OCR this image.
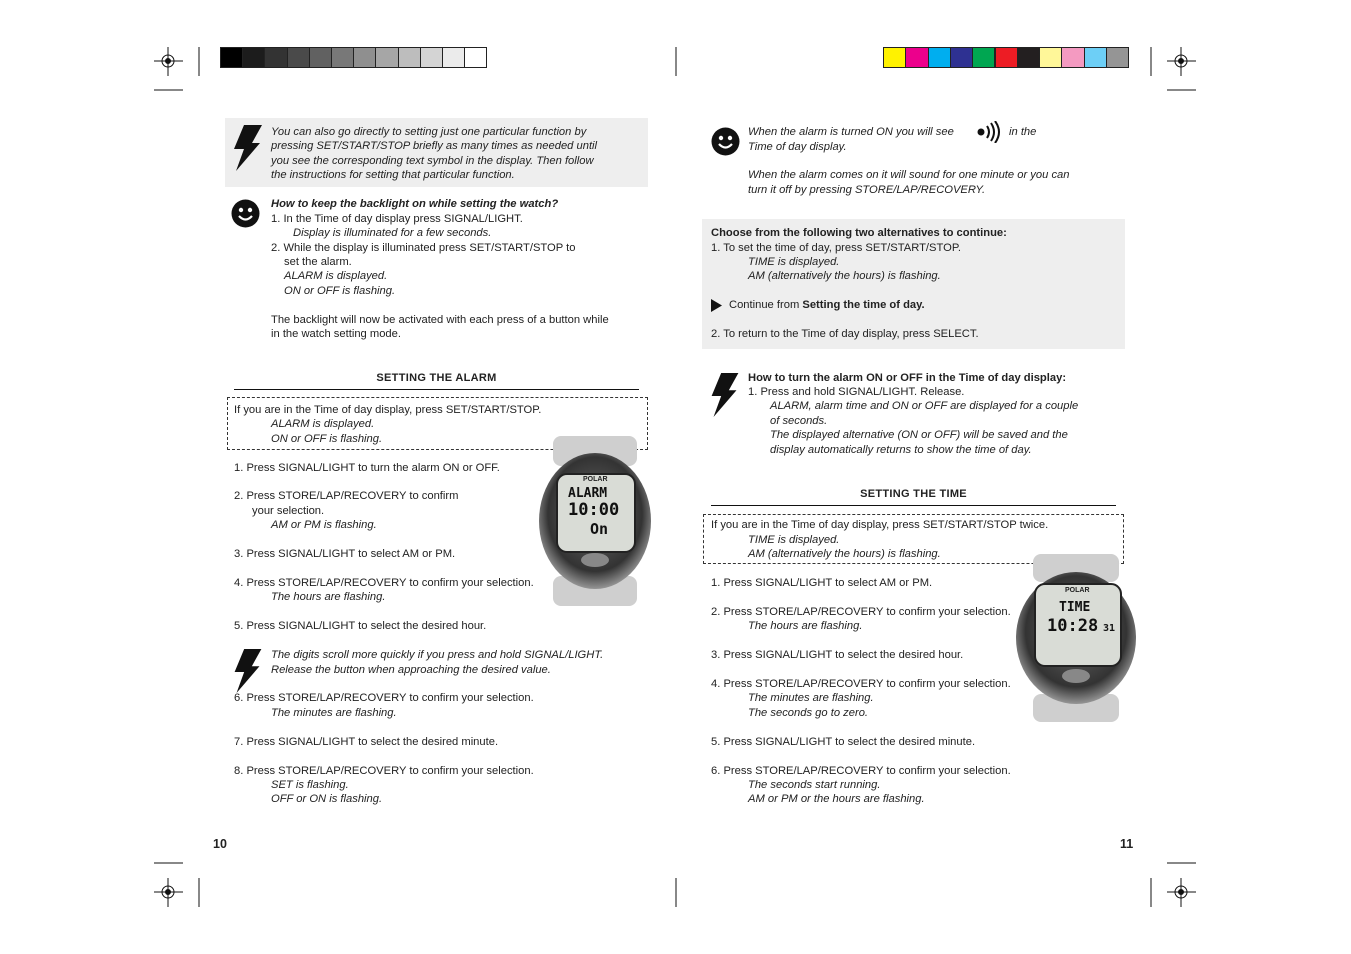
You can also go directly to setting just one particular function by
pressing SET/START/STOP briefly as many times as needed until
you see the corresponding text symbol in the display. Then follow
the instructions for setting that particular function.
How to keep the backlight on while setting the watch?
1. In the Time of day display press SIGNAL/LIGHT.
Display is illuminated for a few seconds.
2. While the display is illuminated press SET/START/STOP to
set the alarm.
ALARM is displayed.
ON or OFF is flashing.
The backlight will now be activated with each press of a button while
in the watch setting mode.
SETTING THE ALARM
If you are in the Time of day display, press SET/START/STOP.
ALARM is displayed.
ON or OFF is flashing.
POLAR
ALARM
10:00
On
1. Press SIGNAL/LIGHT to turn the alarm ON or OFF.
2. Press STORE/LAP/RECOVERY to confirm
your selection.
AM or PM is flashing.
3. Press SIGNAL/LIGHT to select AM or PM.
4. Press STORE/LAP/RECOVERY to confirm your selection.
The hours are flashing.
5. Press SIGNAL/LIGHT to select the desired hour.
The digits scroll more quickly if you press and hold SIGNAL/LIGHT.
Release the button when approaching the desired value.
6. Press STORE/LAP/RECOVERY to confirm your selection.
The minutes are flashing.
7. Press SIGNAL/LIGHT to select the desired minute.
8. Press STORE/LAP/RECOVERY to confirm your selection.
SET is flashing.
OFF or ON is flashing.
10
When the alarm is turned ON you will see	in the
Time of day display.
When the alarm comes on it will sound for one minute or you can
turn it off by pressing STORE/LAP/RECOVERY.
Choose from the following two alternatives to continue:
1. To set the time of day, press SET/START/STOP.
TIME is displayed.
AM (alternatively the hours) is flashing.
Continue from Setting the time of day.
2. To return to the Time of day display, press SELECT.
How to turn the alarm ON or OFF in the Time of day display:
1. Press and hold SIGNAL/LIGHT. Release.
ALARM, alarm time and ON or OFF are displayed for a couple
of seconds.
The displayed alternative (ON or OFF) will be saved and the
display automatically returns to show the time of day.
SETTING THE TIME
If you are in the Time of day display, press SET/START/STOP twice.
TIME is displayed.
AM (alternatively the hours) is flashing.
POLAR
TIME
10:28 31
1. Press SIGNAL/LIGHT to select AM or PM.
2. Press STORE/LAP/RECOVERY to confirm your selection.
The hours are flashing.
3. Press SIGNAL/LIGHT to select the desired hour.
4. Press STORE/LAP/RECOVERY to confirm your selection.
The minutes are flashing.
The seconds go to zero.
5. Press SIGNAL/LIGHT to select the desired minute.
6. Press STORE/LAP/RECOVERY to confirm your selection.
The seconds start running.
AM or PM or the hours are flashing.
11
